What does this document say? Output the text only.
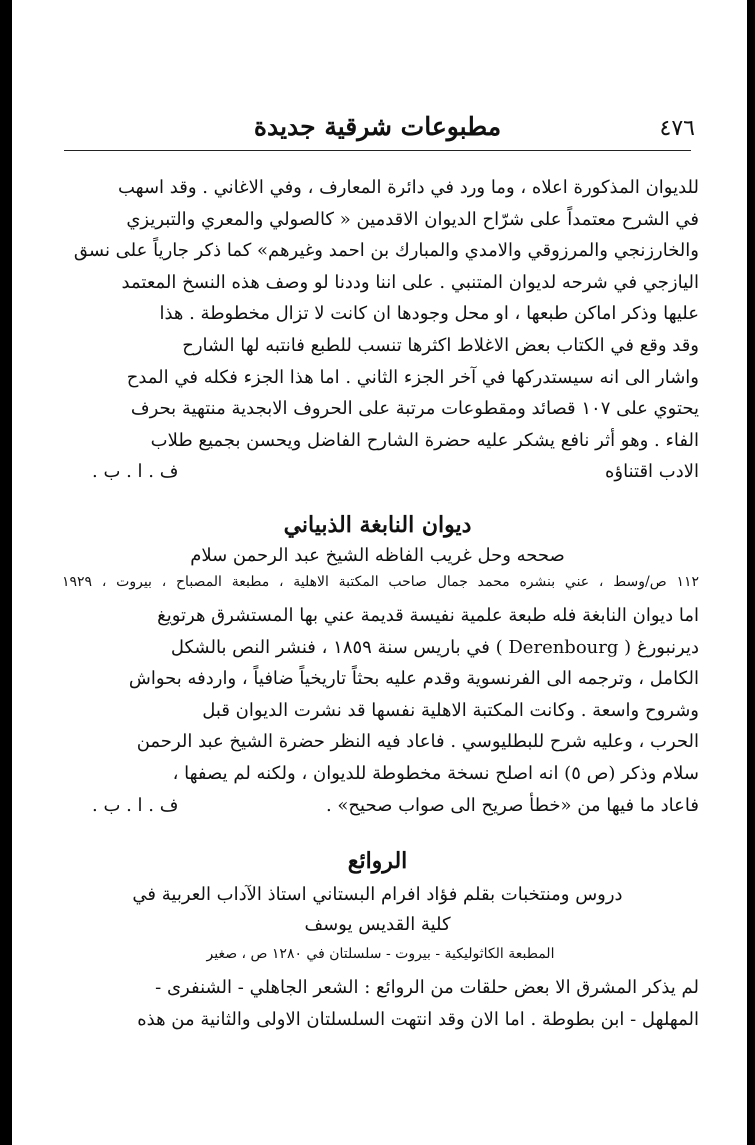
٤٧٦
مطبوعات شرقية جديدة
للديوان المذكورة اعلاه ، وما ورد في دائرة المعارف ، وفي الاغاني . وقد اسهب
في الشرح معتمداً على شرّاح الديوان الاقدمين « كالصولي والمعري والتبريزي
والخارزنجي والمرزوقي والامدي والمبارك بن احمد وغيرهم» كما ذكر جارياً على نسق
اليازجي في شرحه لديوان المتنبي . على اننا وددنا لو وصف هذه النسخ المعتمد
عليها وذكر اماكن طبعها ، او محل وجودها ان كانت لا تزال مخطوطة . هذا
وقد وقع في الكتاب بعض الاغلاط اكثرها تنسب للطبع فانتبه لها الشارح
واشار الى انه سيستدركها في آخر الجزء الثاني . اما هذا الجزء فكله في المدح
يحتوي على ١٠٧ قصائد ومقطوعات مرتبة على الحروف الابجدية منتهية بحرف
الفاء . وهو أثر نافع يشكر عليه حضرة الشارح الفاضل ويحسن بجميع طلاب
الادب اقتناؤه
ف . ا . ب .
ديوان النابغة الذبياني
صححه وحل غريب الفاظه الشيخ عبد الرحمن سلام
١١٢ ص/وسط ، عني بنشره محمد جمال صاحب المكتبة الاهلية ، مطبعة المصباح ، بيروت ، ١٩٢٩
اما ديوان النابغة فله طبعة علمية نفيسة قديمة عني بها المستشرق هرتويغ
ديرنبورغ ( Derenbourg ) في باريس سنة ١٨٥٩ ، فنشر النص بالشكل
الكامل ، وترجمه الى الفرنسوية وقدم عليه بحثاً تاريخياً ضافياً ، واردفه بحواش
وشروح واسعة . وكانت المكتبة الاهلية نفسها قد نشرت الديوان قبل
الحرب ، وعليه شرح للبطليوسي . فاعاد فيه النظر حضرة الشيخ عبد الرحمن
سلام وذكر (ص ٥) انه اصلح نسخة مخطوطة للديوان ، ولكنه لم يصفها ،
فاعاد ما فيها من «خطأ صريح الى صواب صحيح» .
ف . ا . ب .
الروائع
دروس ومنتخبات بقلم فؤاد افرام البستاني استاذ الآداب العربية في
كلية القديس يوسف
المطبعة الكاثوليكية - بيروت - سلسلتان في ١٢٨٠ ص ، صغير
لم يذكر المشرق الا بعض حلقات من الروائع : الشعر الجاهلي - الشنفرى -
المهلهل - ابن بطوطة . اما الان وقد انتهت السلسلتان الاولى والثانية من هذه
